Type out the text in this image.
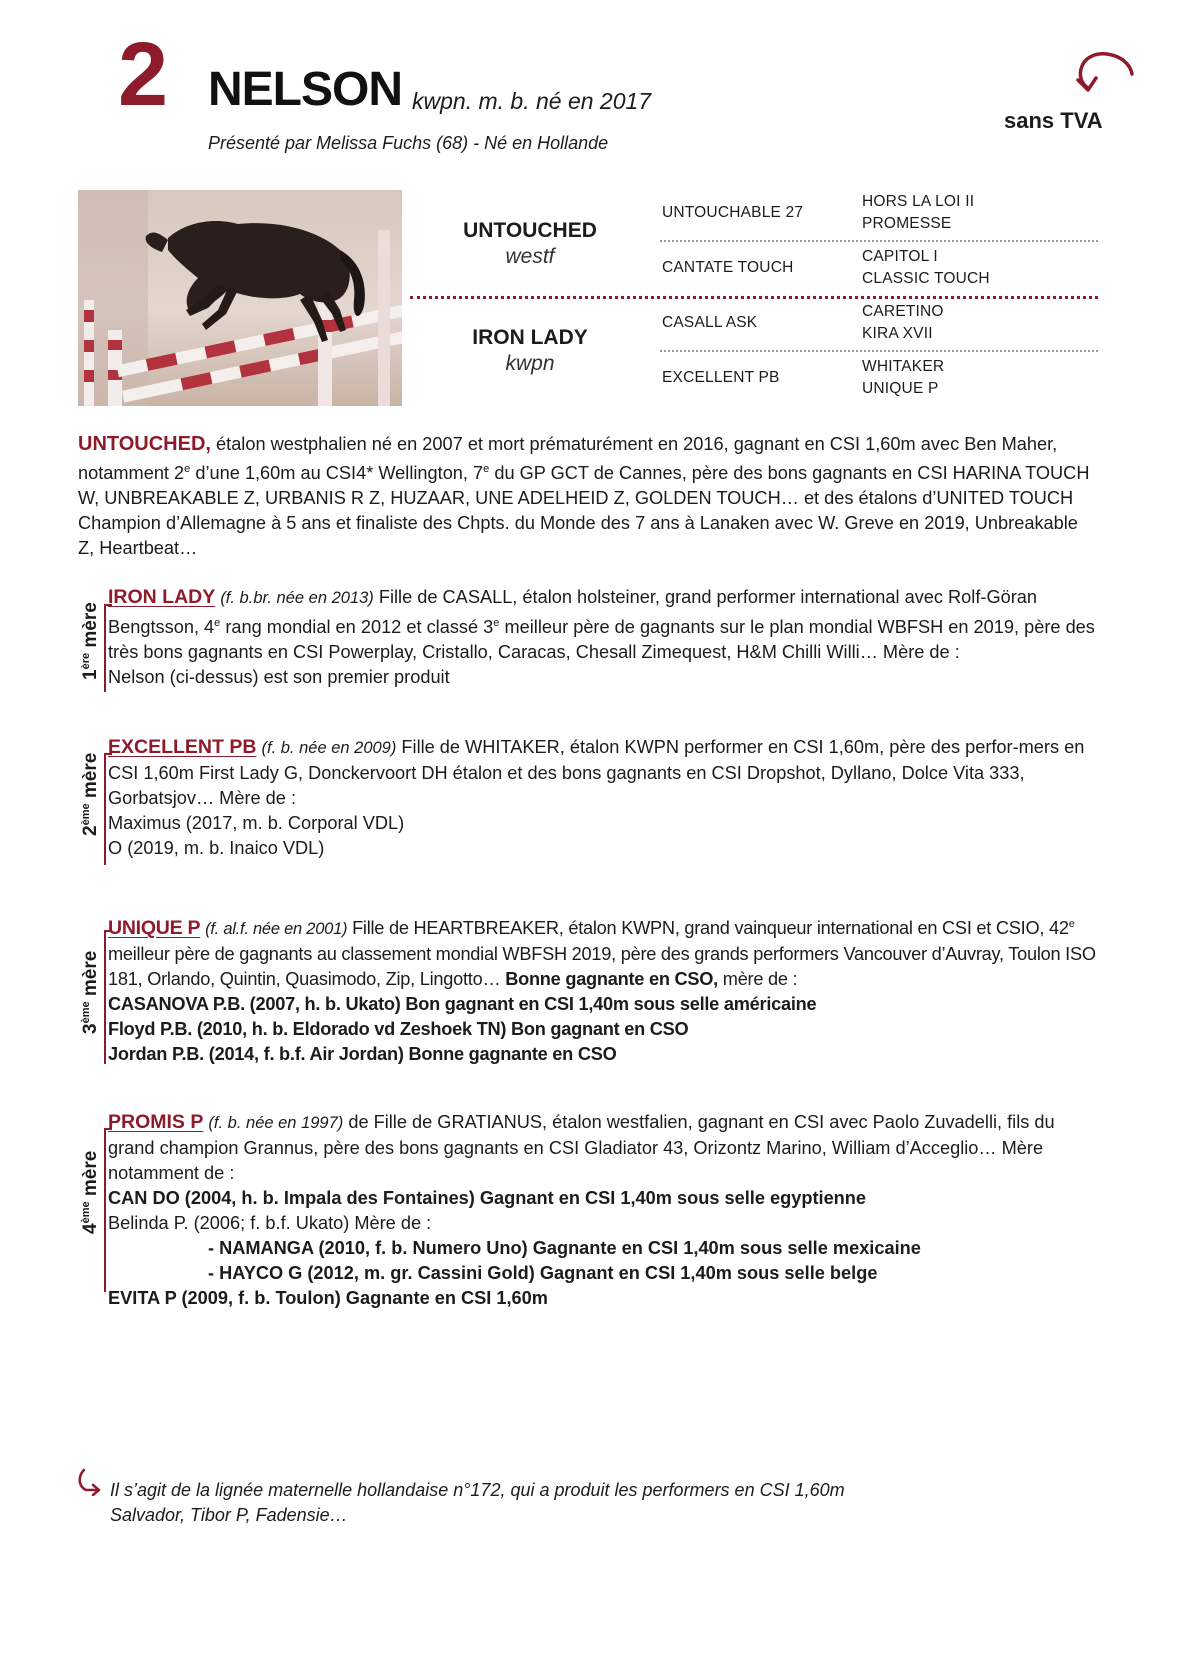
2 NELSON kwpn. m. b. né en 2017
Présenté par Melissa Fuchs (68) - Né en Hollande
sans TVA
UNTOUCHED
westf
IRON LADY
kwpn
UNTOUCHABLE 27
CANTATE TOUCH
CASALL ASK
EXCELLENT PB
HORS LA LOI II
PROMESSE
CAPITOL I
CLASSIC TOUCH
CARETINO
KIRA XVII
WHITAKER
UNIQUE P
UNTOUCHED, étalon westphalien né en 2007 et mort prématurément en 2016, gagnant en CSI 1,60m avec Ben Maher, notamment 2e d’une 1,60m au CSI4* Wellington, 7e du GP GCT de Cannes, père des bons gagnants en CSI HARINA TOUCH W, UNBREAKABLE Z, URBANIS R Z, HUZAAR, UNE ADELHEID Z, GOLDEN TOUCH… et des étalons d’UNITED TOUCH Champion d’Allemagne à 5 ans et finaliste des Chpts. du Monde des 7 ans à Lanaken avec W. Greve en 2019, Unbreakable Z, Heartbeat…
1ère mère
IRON LADY (f. b.br. née en 2013) Fille de CASALL, étalon holsteiner, grand performer international avec Rolf-Göran Bengtsson, 4e rang mondial en 2012 et classé 3e meilleur père de gagnants sur le plan mondial WBFSH en 2019, père des très bons gagnants en CSI Powerplay, Cristallo, Caracas, Chesall Zimequest, H&M Chilli Willi… Mère de :
Nelson (ci-dessus) est son premier produit
2ème mère
EXCELLENT PB (f. b. née en 2009) Fille de WHITAKER, étalon KWPN performer en CSI 1,60m, père des perfor-mers en CSI 1,60m First Lady G, Donckervoort DH étalon et des bons gagnants en CSI Dropshot, Dyllano, Dolce Vita 333, Gorbatsjov… Mère de :
Maximus (2017, m. b. Corporal VDL)
O (2019, m. b. Inaico VDL)
3ème mère
UNIQUE P (f. al.f. née en 2001) Fille de HEARTBREAKER, étalon KWPN, grand vainqueur international en CSI et CSIO, 42e meilleur père de gagnants au classement mondial WBFSH 2019, père des grands performers Vancouver d’Auvray, Toulon ISO 181, Orlando, Quintin, Quasimodo, Zip, Lingotto… Bonne gagnante en CSO, mère de :
CASANOVA P.B. (2007, h. b. Ukato) Bon gagnant en CSI 1,40m sous selle américaine
Floyd P.B. (2010, h. b. Eldorado vd Zeshoek TN) Bon gagnant en CSO
Jordan P.B. (2014, f. b.f. Air Jordan) Bonne gagnante en CSO
4ème mère
PROMIS P (f. b. née en 1997) de Fille de GRATIANUS, étalon westfalien, gagnant en CSI avec Paolo Zuvadelli, fils du grand champion Grannus, père des bons gagnants en CSI Gladiator 43, Orizontz Marino, William d’Acceglio… Mère notamment de :
CAN DO (2004, h. b. Impala des Fontaines) Gagnant en CSI 1,40m sous selle egyptienne
Belinda P. (2006; f. b.f. Ukato) Mère de :
- NAMANGA (2010, f. b. Numero Uno) Gagnante en CSI 1,40m sous selle mexicaine
- HAYCO G (2012, m. gr. Cassini Gold) Gagnant en CSI 1,40m sous selle belge
EVITA P (2009, f. b. Toulon) Gagnante en CSI 1,60m
Il s’agit de la lignée maternelle hollandaise n°172, qui a produit les performers en CSI 1,60m
Salvador, Tibor P, Fadensie…
